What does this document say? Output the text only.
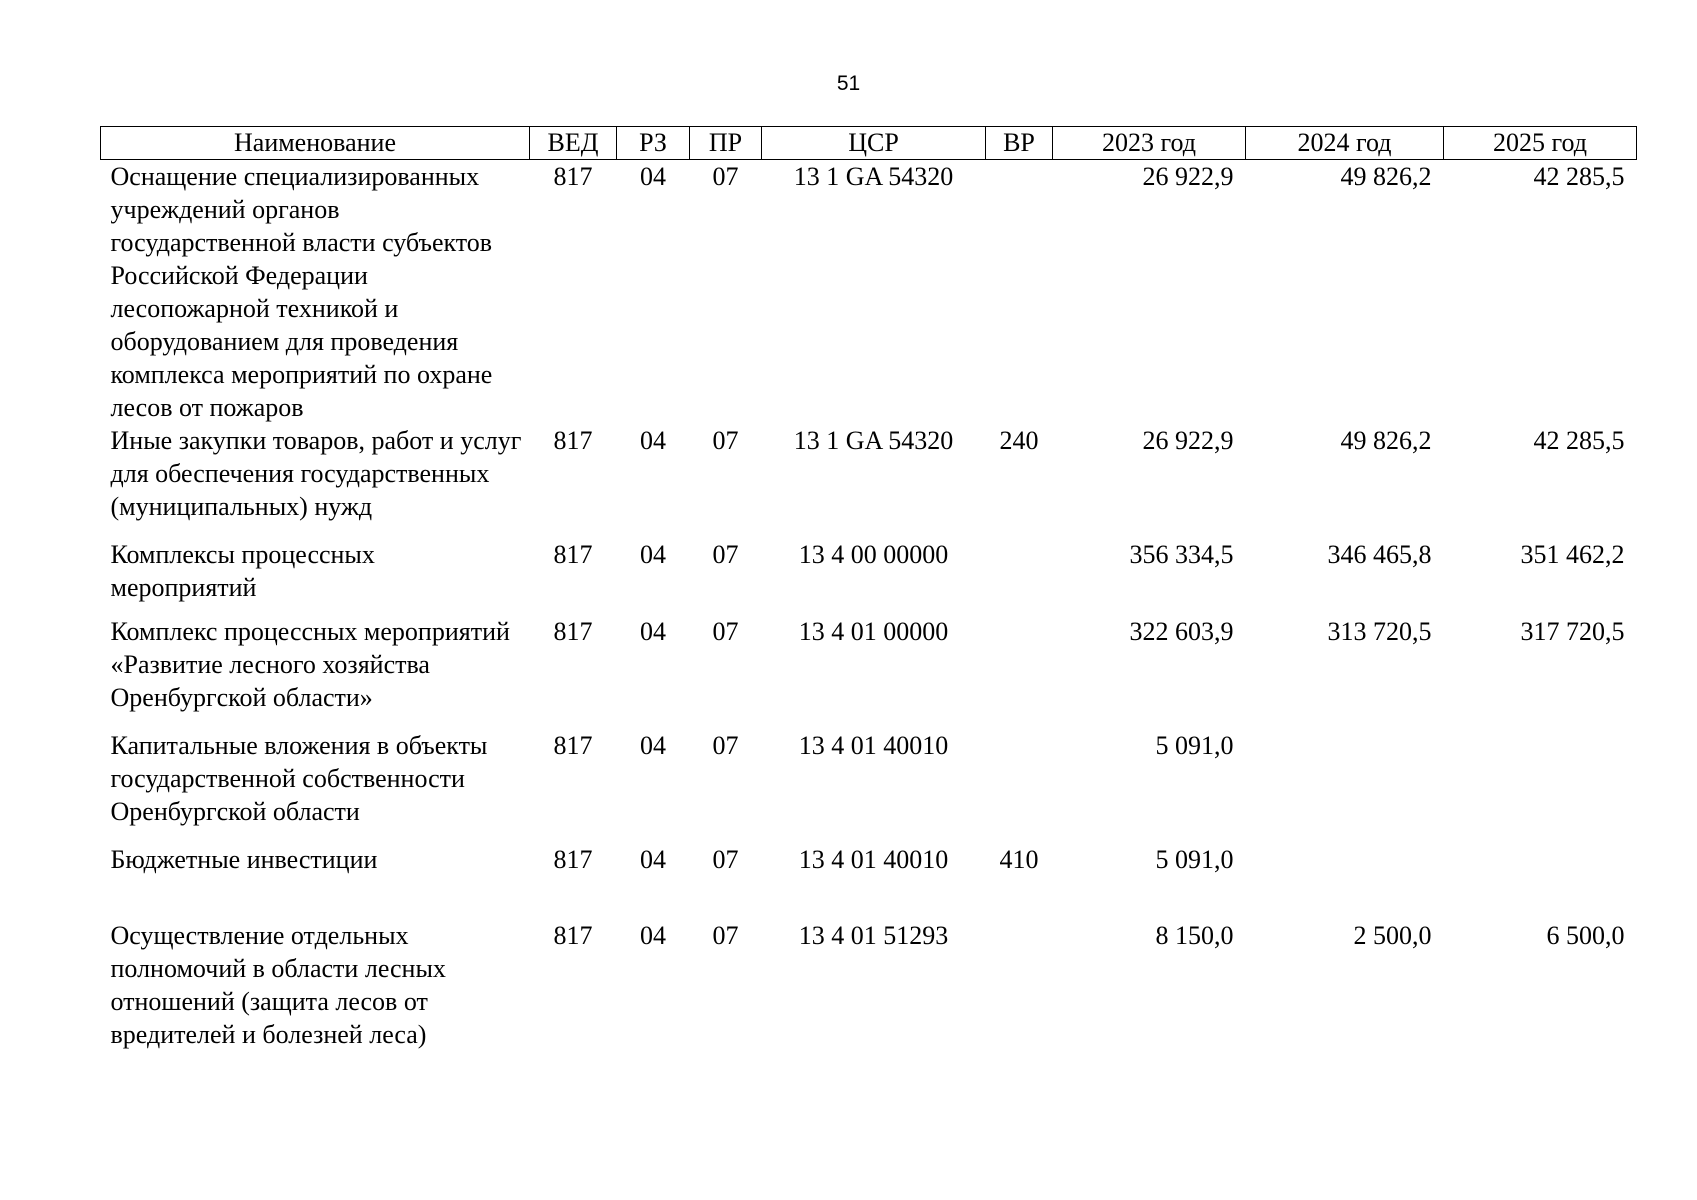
51
Наименование	ВЕД	РЗ	ПР	ЦСР	ВР	2023 год	2024 год	2025 год
Оснащение специализированных учреждений органов государственной власти субъектов Российской Федерации лесопожарной техникой и оборудованием для проведения комплекса мероприятий по охране лесов от пожаров	817	04	07	13 1 GA 54320		26 922,9	49 826,2	42 285,5
Иные закупки товаров, работ и услуг для обеспечения государственных (муниципальных) нужд	817	04	07	13 1 GA 54320	240	26 922,9	49 826,2	42 285,5
Комплексы процессных мероприятий	817	04	07	13 4 00 00000		356 334,5	346 465,8	351 462,2
Комплекс процессных мероприятий «Развитие лесного хозяйства Оренбургской области»	817	04	07	13 4 01 00000		322 603,9	313 720,5	317 720,5
Капитальные вложения в объекты государственной собственности Оренбургской области	817	04	07	13 4 01 40010		5 091,0		
Бюджетные инвестиции	817	04	07	13 4 01 40010	410	5 091,0		
Осуществление отдельных полномочий в области лесных отношений (защита лесов от вредителей и болезней леса)	817	04	07	13 4 01 51293		8 150,0	2 500,0	6 500,0
